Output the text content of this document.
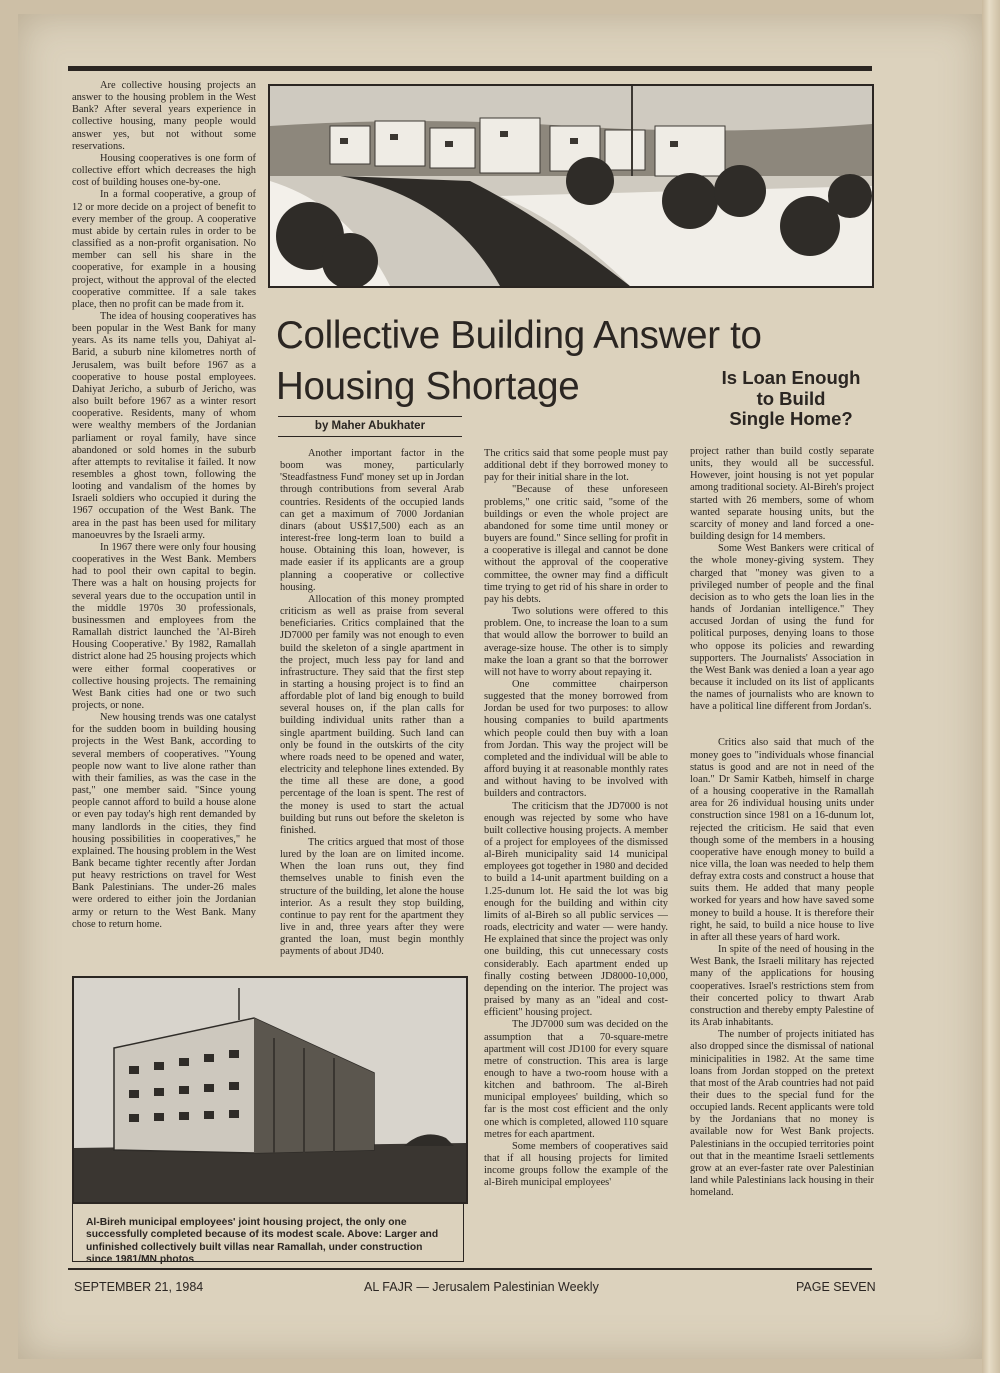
Collective Building Answer to
Housing Shortage	Is Loan Enough
to Build
Single Home?
by Maher Abukhater

Are collective housing projects an answer to the housing problem in the West Bank? After several years experience in collective housing, many people would answer yes, but not without some reservations.

Housing cooperatives is one form of collective effort which decreases the high cost of building houses one-by-one.

In a formal cooperative, a group of 12 or more decide on a project of benefit to every member of the group. A cooperative must abide by certain rules in order to be classified as a non-profit organisation. No member can sell his share in the cooperative, for example in a housing project, without the approval of the elected cooperative committee. If a sale takes place, then no profit can be made from it.

The idea of housing cooperatives has been popular in the West Bank for many years. As its name tells you, Dahiyat al-Barid, a suburb nine kilometres north of Jerusalem, was built before 1967 as a cooperative to house postal employees. Dahiyat Jericho, a suburb of Jericho, was also built before 1967 as a winter resort cooperative. Residents, many of whom were wealthy members of the Jordanian parliament or royal family, have since abandoned or sold homes in the suburb after attempts to revitalise it failed. It now resembles a ghost town, following the looting and vandalism of the homes by Israeli soldiers who occupied it during the 1967 occupation of the West Bank. The area in the past has been used for military manoeuvres by the Israeli army.

In 1967 there were only four housing cooperatives in the West Bank. Members had to pool their own capital to begin. There was a halt on housing projects for several years due to the occupation until in the middle 1970s 30 professionals, businessmen and employees from the Ramallah district launched the 'Al-Bireh Housing Cooperative.' By 1982, Ramallah district alone had 25 housing projects which were either formal cooperatives or collective housing projects. The remaining West Bank cities had one or two such projects, or none.

New housing trends was one catalyst for the sudden boom in building housing projects in the West Bank, according to several members of cooperatives. "Young people now want to live alone rather than with their families, as was the case in the past," one member said. "Since young people cannot afford to build a house alone or even pay today's high rent demanded by many landlords in the cities, they find housing possibilities in cooperatives," he explained. The housing problem in the West Bank became tighter recently after Jordan put heavy restrictions on travel for West Bank Palestinians. The under-26 males were ordered to either join the Jordanian army or return to the West Bank. Many chose to return home.

Another important factor in the boom was money, particularly 'Steadfastness Fund' money set up in Jordan through contributions from several Arab countries. Residents of the occupied lands can get a maximum of 7000 Jordanian dinars (about US$17,500) each as an interest-free long-term loan to build a house. Obtaining this loan, however, is made easier if its applicants are a group planning a cooperative or collective housing.

Allocation of this money prompted criticism as well as praise from several beneficiaries. Critics complained that the JD7000 per family was not enough to even build the skeleton of a single apartment in the project, much less pay for land and infrastructure. They said that the first step in starting a housing project is to find an affordable plot of land big enough to build several houses on, if the plan calls for building individual units rather than a single apartment building. Such land can only be found in the outskirts of the city where roads need to be opened and water, electricity and telephone lines extended. By the time all these are done, a good percentage of the loan is spent. The rest of the money is used to start the actual building but runs out before the skeleton is finished.

The critics argued that most of those lured by the loan are on limited income. When the loan runs out, they find themselves unable to finish even the structure of the building, let alone the house interior. As a result they stop building, continue to pay rent for the apartment they live in and, three years after they were granted the loan, must begin monthly payments of about JD40.

The critics said that some people must pay additional debt if they borrowed money to pay for their initial share in the lot.

"Because of these unforeseen problems," one critic said, "some of the buildings or even the whole project are abandoned for some time until money or buyers are found." Since selling for profit in a cooperative is illegal and cannot be done without the approval of the cooperative committee, the owner may find a difficult time trying to get rid of his share in order to pay his debts.

Two solutions were offered to this problem. One, to increase the loan to a sum that would allow the borrower to build an average-size house. The other is to simply make the loan a grant so that the borrower will not have to worry about repaying it.

One committee chairperson suggested that the money borrowed from Jordan be used for two purposes: to allow housing companies to build apartments which people could then buy with a loan from Jordan. This way the project will be completed and the individual will be able to afford buying it at reasonable monthly rates and without having to be involved with builders and contractors.

The criticism that the JD7000 is not enough was rejected by some who have built collective housing projects. A member of a project for employees of the dismissed al-Bireh municipality said 14 municipal employees got together in 1980 and decided to build a 14-unit apartment building on a 1.25-dunum lot. He said the lot was big enough for the building and within city limits of al-Bireh so all public services — roads, electricity and water — were handy. He explained that since the project was only one building, this cut unnecessary costs considerably. Each apartment ended up finally costing between JD8000-10,000, depending on the interior. The project was praised by many as an "ideal and cost-efficient" housing project.

The JD7000 sum was decided on the assumption that a 70-square-metre apartment will cost JD100 for every square metre of construction. This area is large enough to have a two-room house with a kitchen and bathroom. The al-Bireh municipal employees' building, which so far is the most cost efficient and the only one which is completed, allowed 110 square metres for each apartment.

Some members of cooperatives said that if all housing projects for limited income groups follow the example of the al-Bireh municipal employees'

project rather than build costly separate units, they would all be successful. However, joint housing is not yet popular among traditional society. Al-Bireh's project started with 26 members, some of whom wanted separate housing units, but the scarcity of money and land forced a one-building design for 14 members.

Some West Bankers were critical of the whole money-giving system. They charged that "money was given to a privileged number of people and the final decision as to who gets the loan lies in the hands of Jordanian intelligence." They accused Jordan of using the fund for political purposes, denying loans to those who oppose its policies and rewarding supporters. The Journalists' Association in the West Bank was denied a loan a year ago because it included on its list of applicants the names of journalists who are known to have a political line different from Jordan's.

Critics also said that much of the money goes to "individuals whose financial status is good and are not in need of the loan." Dr Samir Katbeh, himself in charge of a housing cooperative in the Ramallah area for 26 individual housing units under construction since 1981 on a 16-dunum lot, rejected the criticism. He said that even though some of the members in a housing cooperative have enough money to build a nice villa, the loan was needed to help them defray extra costs and construct a house that suits them. He added that many people worked for years and how have saved some money to build a house. It is therefore their right, he said, to build a nice house to live in after all these years of hard work.

In spite of the need of housing in the West Bank, the Israeli military has rejected many of the applications for housing cooperatives. Israel's restrictions stem from their concerted policy to thwart Arab construction and thereby empty Palestine of its Arab inhabitants.

The number of projects initiated has also dropped since the dismissal of national minicipalities in 1982. At the same time loans from Jordan stopped on the pretext that most of the Arab countries had not paid their dues to the special fund for the occupied lands. Recent applicants were told by the Jordanians that no money is available now for West Bank projects. Palestinians in the occupied territories point out that in the meantime Israeli settlements grow at an ever-faster rate over Palestinian land while Palestinians lack housing in their homeland.

Al-Bireh municipal employees' joint housing project, the only one successfully completed because of its modest scale. Above: Larger and unfinished collectively built villas near Ramallah, under construction since 1981/MN photos
SEPTEMBER 21, 1984	AL FAJR — Jerusalem Palestinian Weekly	PAGE SEVEN
